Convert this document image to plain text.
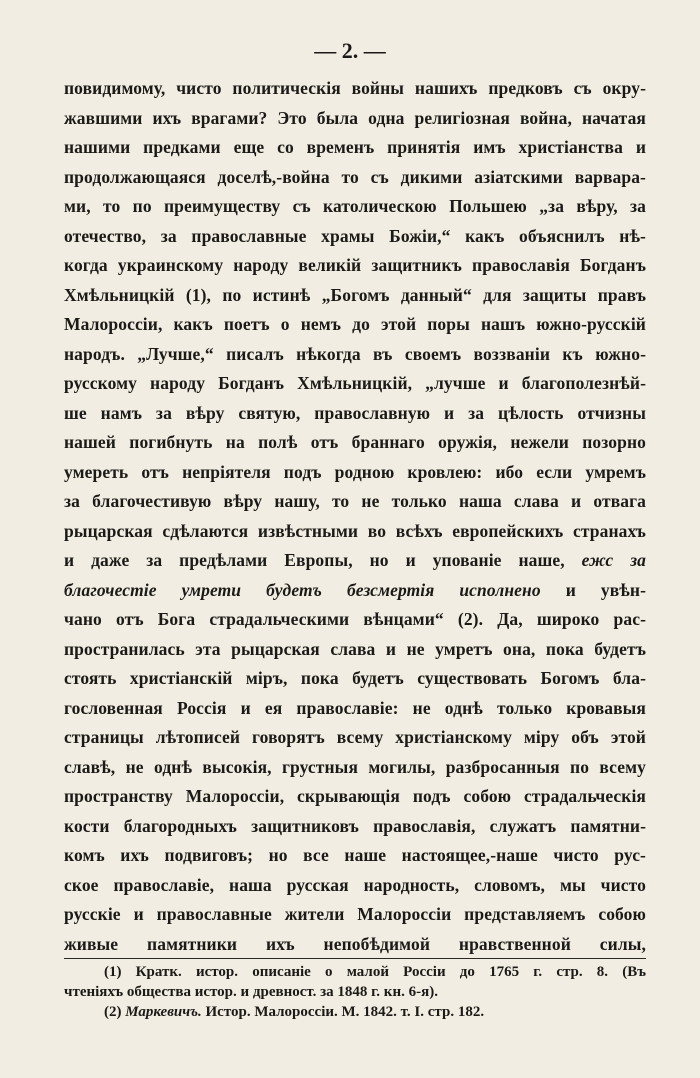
— 2. —
повидимому, чисто политическія войны нашихъ предковъ съ окру-
жавшими ихъ врагами? Это была одна религіозная война, начатая
нашими предками еще со временъ принятія имъ христіанства и
продолжающаяся доселѣ,-война то съ дикими азіатскими варвара-
ми, то по преимуществу съ католическою Польшею „за вѣру, за
отечество, за православные храмы Божіи,“ какъ объяснилъ нѣ-
когда украинскому народу великій защитникъ православія Богданъ
Хмѣльницкій (1), по истинѣ „Богомъ данный“ для защиты правъ
Малороссіи, какъ поетъ о немъ до этой поры нашъ южно-русскій
народъ. „Лучше,“ писалъ нѣкогда въ своемъ воззваніи къ южно-
русскому народу Богданъ Хмѣльницкій, „лучше и благополезнѣй-
ше намъ за вѣру святую, православную и за цѣлость отчизны
нашей погибнуть на полѣ отъ браннаго оружія, нежели позорно
умереть отъ непріятеля подъ родною кровлею: ибо если умремъ
за благочестивую вѣру нашу, то не только наша слава и отвага
рыцарская сдѣлаются извѣстными во всѣхъ европейскихъ странахъ
и даже за предѣлами Европы, но и упованіе наше, ежс за
благочестіе умрети будетъ безсмертія исполнено и увѣн-
чано отъ Бога страдальческими вѣнцами“ (2). Да, широко рас-
пространилась эта рыцарская слава и не умретъ она, пока будетъ
стоять христіанскій міръ, пока будетъ существовать Богомъ бла-
гословенная Россія и ея православіе: не однѣ только кровавыя
страницы лѣтописей говорятъ всему христіанскому міру объ этой
славѣ, не однѣ высокія, грустныя могилы, разбросанныя по всему
пространству Малороссіи, скрывающія подъ собою страдальческія
кости благородныхъ защитниковъ православія, служатъ памятни-
комъ ихъ подвиговъ; но все наше настоящее,-наше чисто рус-
ское православіе, наша русская народность, словомъ, мы чисто
русскіе и православные жители Малороссіи представляемъ собою
живые памятники ихъ непобѣдимой нравственной силы,
(1) Кратк. истор. описаніе о малой Россіи до 1765 г. стр. 8. (Въ
чтеніяхъ общества истор. и древност. за 1848 г. кн. 6-я).
(2) Маркевичъ. Истор. Малороссіи. М. 1842. т. I. стр. 182.
